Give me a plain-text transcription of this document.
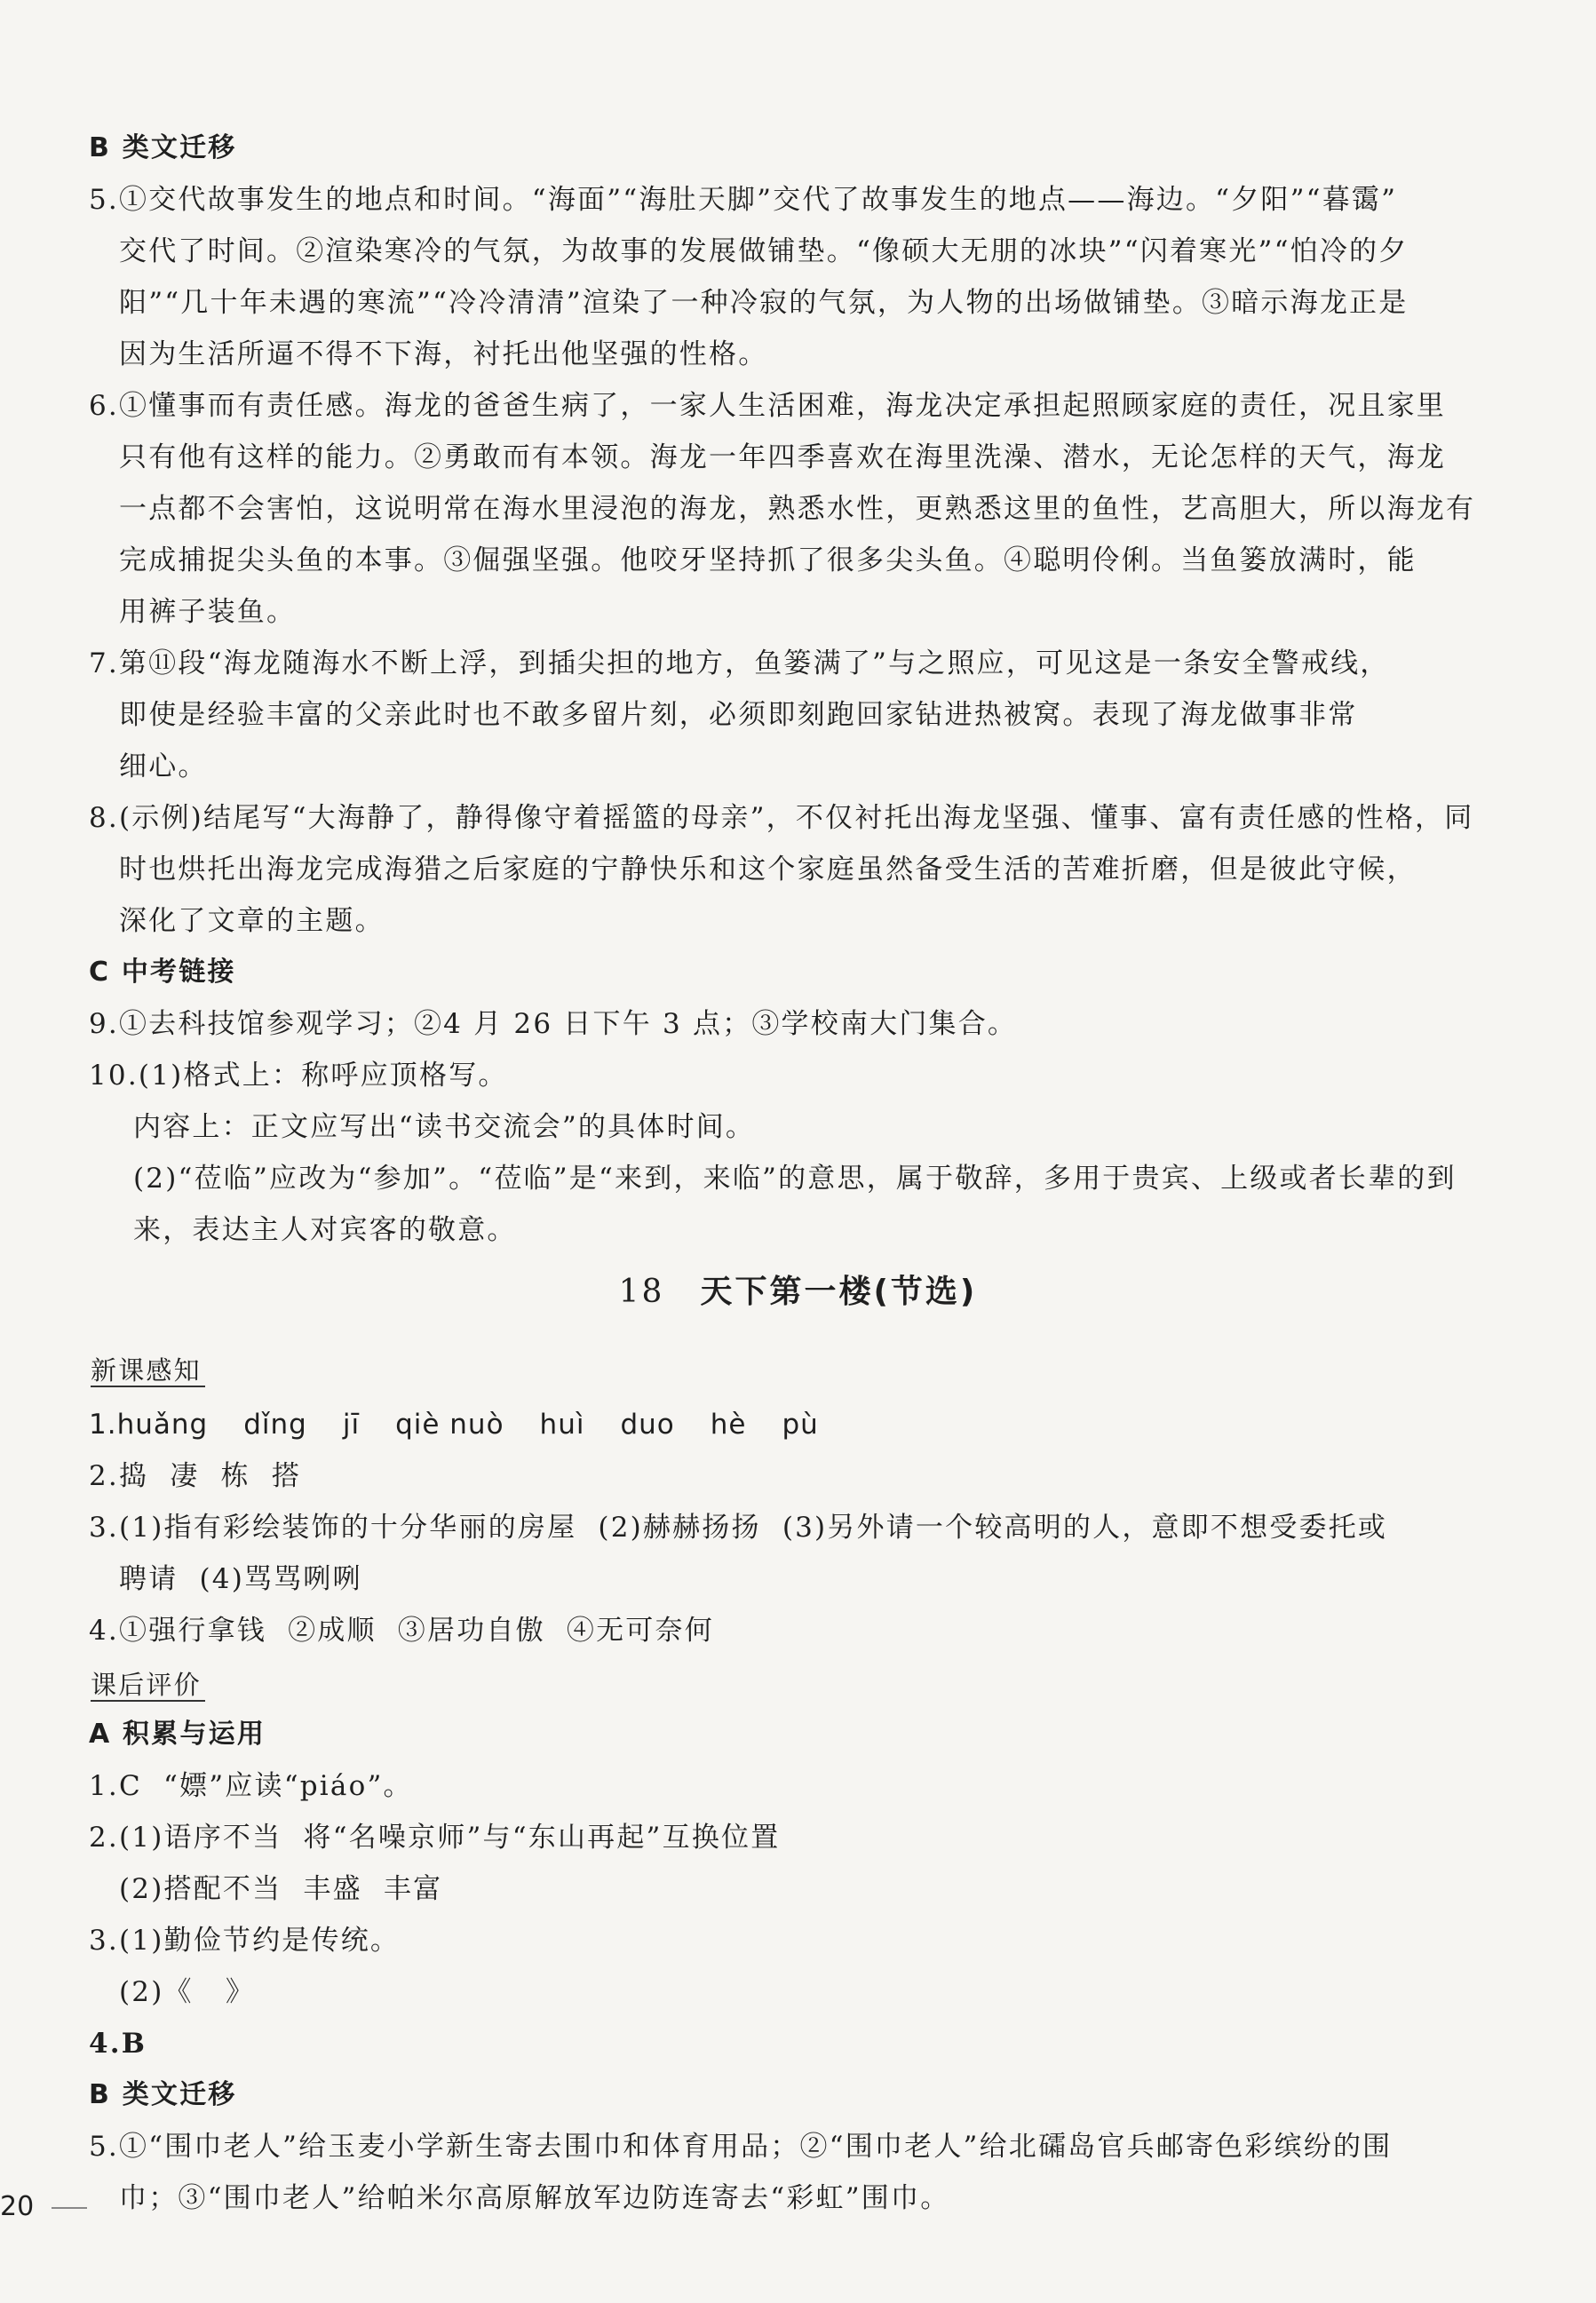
B 类文迁移
5.①交代故事发生的地点和时间。“海面”“海肚天脚”交代了故事发生的地点——海边。“夕阳”“暮霭”
交代了时间。②渲染寒冷的气氛，为故事的发展做铺垫。“像硕大无朋的冰块”“闪着寒光”“怕冷的夕
阳”“几十年未遇的寒流”“冷冷清清”渲染了一种冷寂的气氛，为人物的出场做铺垫。③暗示海龙正是
因为生活所逼不得不下海，衬托出他坚强的性格。
6.①懂事而有责任感。海龙的爸爸生病了，一家人生活困难，海龙决定承担起照顾家庭的责任，况且家里
只有他有这样的能力。②勇敢而有本领。海龙一年四季喜欢在海里洗澡、潜水，无论怎样的天气，海龙
一点都不会害怕，这说明常在海水里浸泡的海龙，熟悉水性，更熟悉这里的鱼性，艺高胆大，所以海龙有
完成捕捉尖头鱼的本事。③倔强坚强。他咬牙坚持抓了很多尖头鱼。④聪明伶俐。当鱼篓放满时，能
用裤子装鱼。
7.第⑪段“海龙随海水不断上浮，到插尖担的地方，鱼篓满了”与之照应，可见这是一条安全警戒线，
即使是经验丰富的父亲此时也不敢多留片刻，必须即刻跑回家钻进热被窝。表现了海龙做事非常
细心。
8.(示例)结尾写“大海静了，静得像守着摇篮的母亲”，不仅衬托出海龙坚强、懂事、富有责任感的性格，同
时也烘托出海龙完成海猎之后家庭的宁静快乐和这个家庭虽然备受生活的苦难折磨，但是彼此守候，
深化了文章的主题。
C 中考链接
9.①去科技馆参观学习；②4 月 26 日下午 3 点；③学校南大门集合。
10.(1)格式上：称呼应顶格写。
内容上：正文应写出“读书交流会”的具体时间。
(2)“莅临”应改为“参加”。“莅临”是“来到，来临”的意思，属于敬辞，多用于贵宾、上级或者长辈的到
来，表达主人对宾客的敬意。
18 天下第一楼(节选)
新课感知
1.huǎng dǐng jī qiè nuò huì duo hè pù
2.捣  凄  栋  搭
3.(1)指有彩绘装饰的十分华丽的房屋  (2)赫赫扬扬  (3)另外请一个较高明的人，意即不想受委托或
聘请  (4)骂骂咧咧
4.①强行拿钱  ②成顺  ③居功自傲  ④无可奈何
课后评价
A 积累与运用
1.C  “嫖”应读“piáo”。
2.(1)语序不当  将“名噪京师”与“东山再起”互换位置
(2)搭配不当  丰盛  丰富
3.(1)勤俭节约是传统。
(2)《   》
4.B
B 类文迁移
5.①“围巾老人”给玉麦小学新生寄去围巾和体育用品；②“围巾老人”给北礵岛官兵邮寄色彩缤纷的围
巾；③“围巾老人”给帕米尔高原解放军边防连寄去“彩虹”围巾。
20
